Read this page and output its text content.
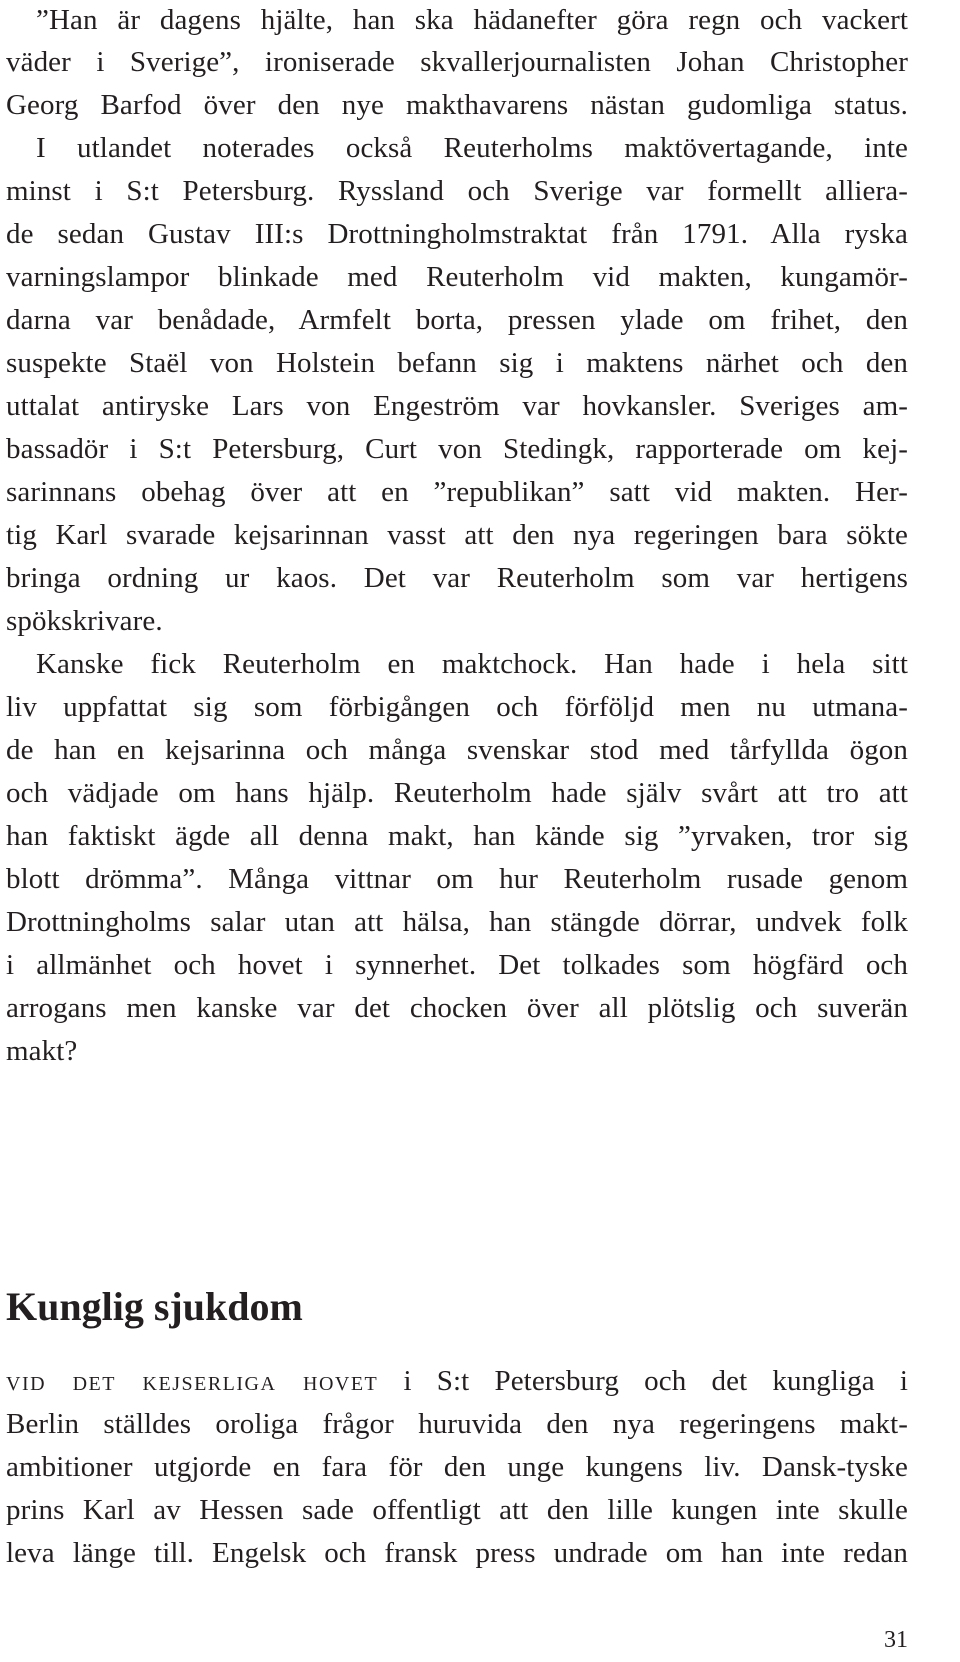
”Han är dagens hjälte, han ska hädanefter göra regn och vackert
väder i Sverige”, ironiserade skvallerjournalisten Johan Christopher
Georg Barfod över den nye makthavarens nästan gudomliga status.
I utlandet noterades också Reuterholms maktövertagande, inte
minst i S:t Petersburg. Ryssland och Sverige var formellt alliera-
de sedan Gustav III:s Drottningholmstraktat från 1791. Alla ryska
varningslampor blinkade med Reuterholm vid makten, kungamör-
darna var benådade, Armfelt borta, pressen ylade om frihet, den
suspekte Staël von Holstein befann sig i maktens närhet och den
uttalat antiryske Lars von Engeström var hovkansler. Sveriges am-
bassadör i S:t Petersburg, Curt von Stedingk, rapporterade om kej-
sarinnans obehag över att en ”republikan” satt vid makten. Her-
tig Karl svarade kejsarinnan vasst att den nya regeringen bara sökte
bringa ordning ur kaos. Det var Reuterholm som var hertigens
spökskrivare.
Kanske fick Reuterholm en maktchock. Han hade i hela sitt
liv uppfattat sig som förbigången och förföljd men nu utmana-
de han en kejsarinna och många svenskar stod med tårfyllda ögon
och vädjade om hans hjälp. Reuterholm hade själv svårt att tro att
han faktiskt ägde all denna makt, han kände sig ”yrvaken, tror sig
blott drömma”. Många vittnar om hur Reuterholm rusade genom
Drottningholms salar utan att hälsa, han stängde dörrar, undvek folk
i allmänhet och hovet i synnerhet. Det tolkades som högfärd och
arrogans men kanske var det chocken över all plötslig och suverän
makt?
Kunglig sjukdom
vid det kejserliga hovet i S:t Petersburg och det kungliga i
Berlin ställdes oroliga frågor huruvida den nya regeringens makt-
ambitioner utgjorde en fara för den unge kungens liv. Dansk-tyske
prins Karl av Hessen sade offentligt att den lille kungen inte skulle
leva länge till. Engelsk och fransk press undrade om han inte redan
31
